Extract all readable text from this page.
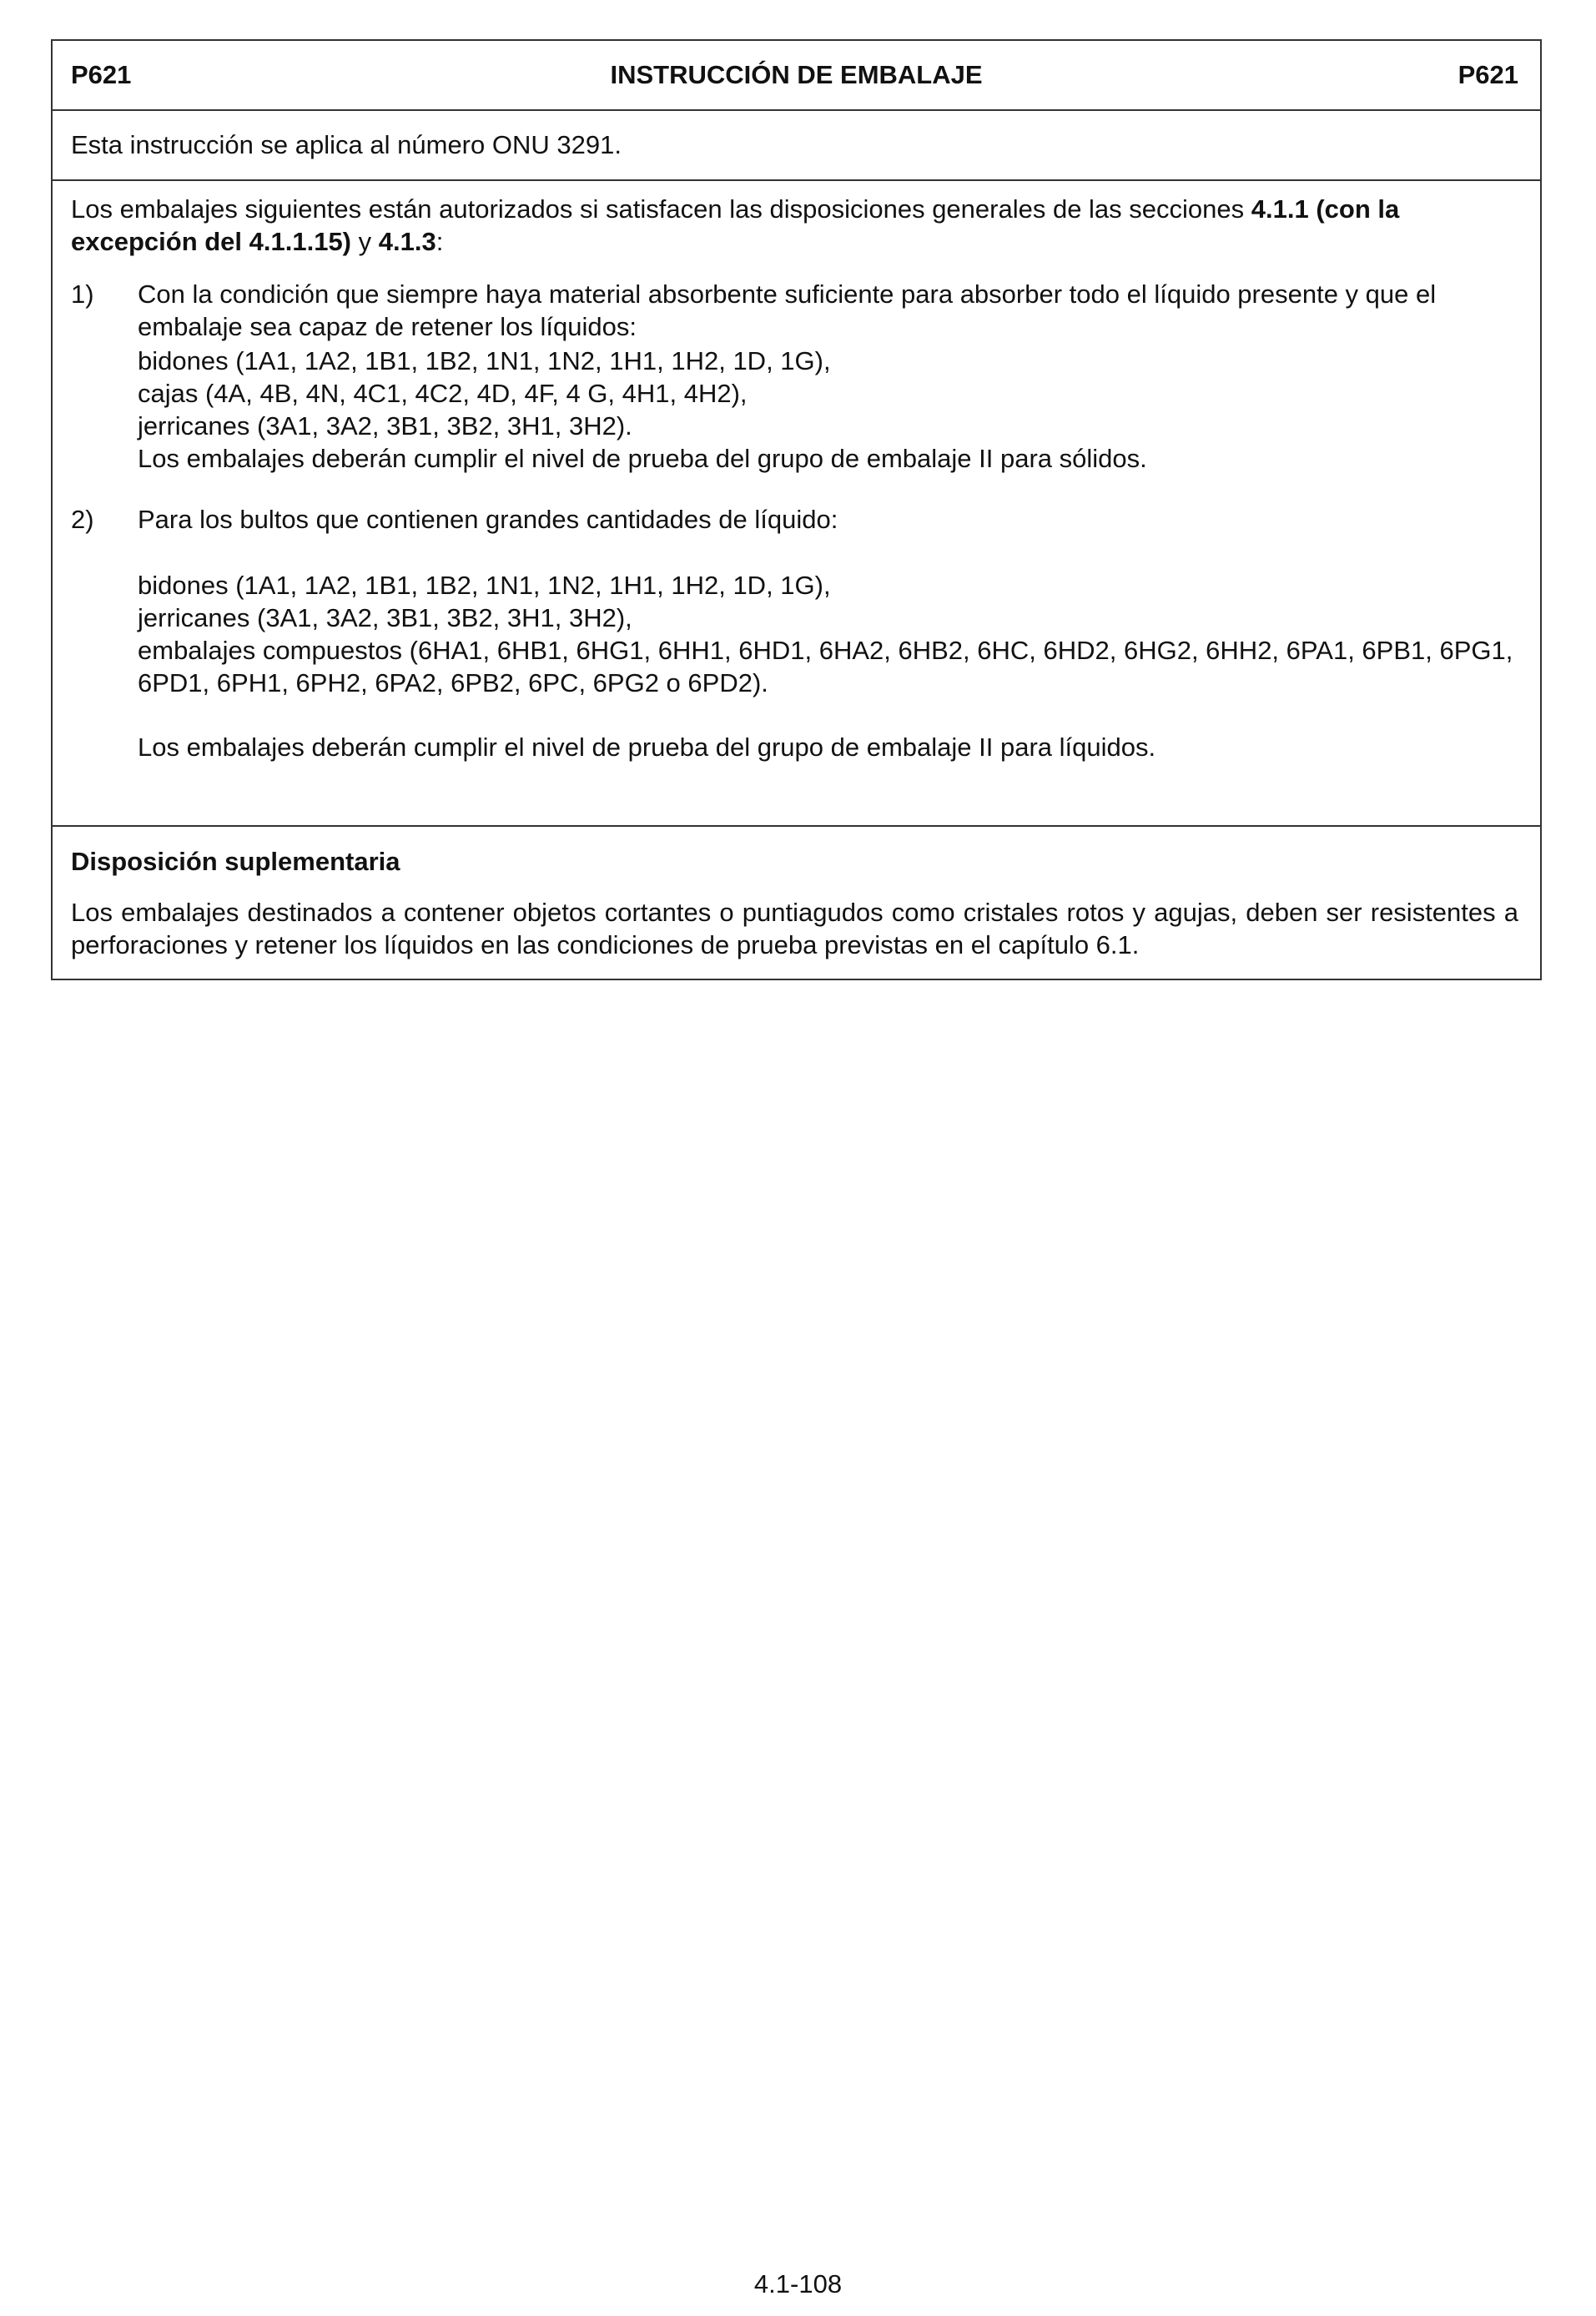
P621	INSTRUCCIÓN DE EMBALAJE	P621
Esta instrucción se aplica al número ONU 3291.

Los embalajes siguientes están autorizados si satisfacen las disposiciones generales de las secciones 4.1.1 (con la excepción del 4.1.1.15) y 4.1.3:

1)	Con la condición que siempre haya material absorbente suficiente para absorber todo el líquido presente y que el embalaje sea capaz de retener los líquidos:
bidones (1A1, 1A2, 1B1, 1B2, 1N1, 1N2, 1H1, 1H2, 1D, 1G),
cajas (4A, 4B, 4N, 4C1, 4C2, 4D, 4F, 4 G, 4H1, 4H2),
jerricanes (3A1, 3A2, 3B1, 3B2, 3H1, 3H2).
Los embalajes deberán cumplir el nivel de prueba del grupo de embalaje II para sólidos.
2)	Para los bultos que contienen grandes cantidades de líquido:
bidones (1A1, 1A2, 1B1, 1B2, 1N1, 1N2, 1H1, 1H2, 1D, 1G),
jerricanes (3A1, 3A2, 3B1, 3B2, 3H1, 3H2),
embalajes compuestos (6HA1, 6HB1, 6HG1, 6HH1, 6HD1, 6HA2, 6HB2, 6HC, 6HD2, 6HG2, 6HH2, 6PA1, 6PB1, 6PG1, 6PD1, 6PH1, 6PH2, 6PA2, 6PB2, 6PC, 6PG2 o 6PD2).
Los embalajes deberán cumplir el nivel de prueba del grupo de embalaje II para líquidos.
Disposición suplementaria
Los embalajes destinados a contener objetos cortantes o puntiagudos como cristales rotos y agujas, deben ser resistentes a perforaciones y retener los líquidos en las condiciones de prueba previstas en el capítulo 6.1.
4.1-108
